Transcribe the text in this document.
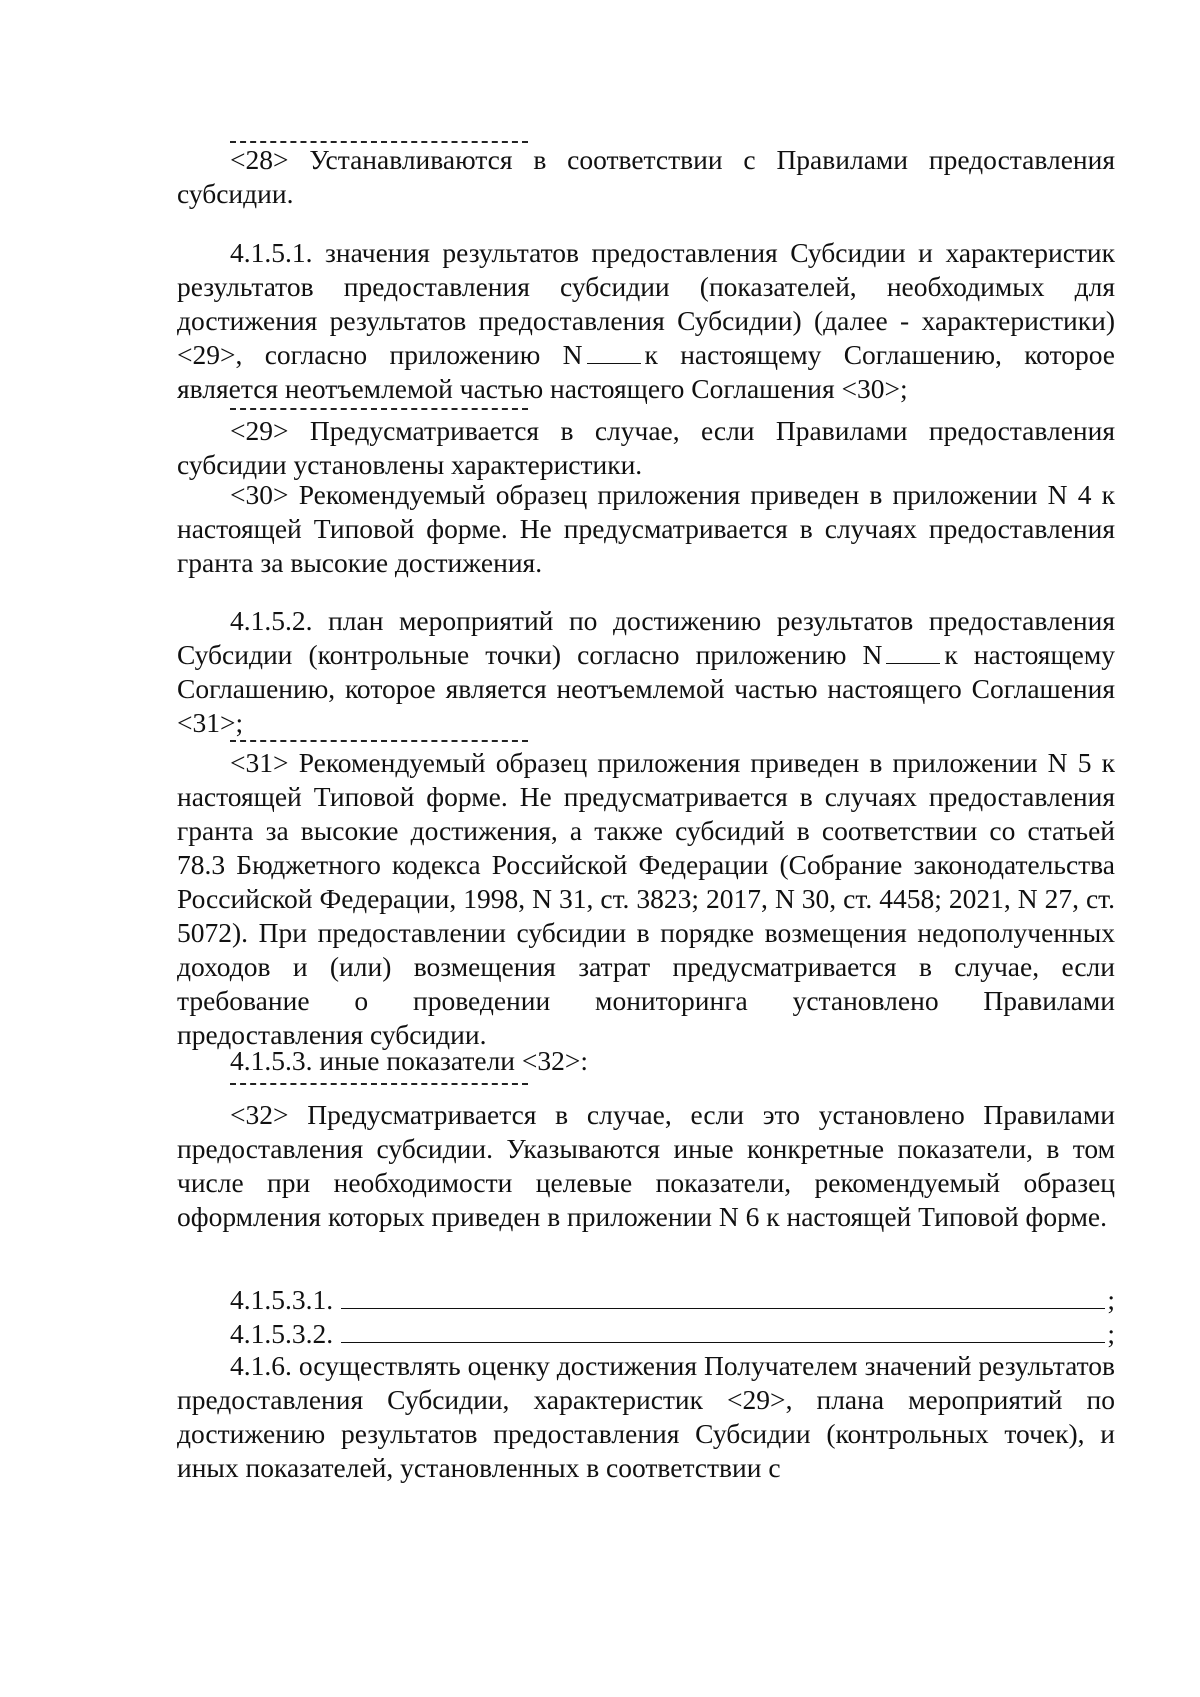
<28> Устанавливаются в соответствии с Правилами предоставления субсидии.

4.1.5.1. значения результатов предоставления Субсидии и характеристик результатов предоставления субсидии (показателей, необходимых для достижения результатов предоставления Субсидии) (далее - характеристики) <29>, согласно приложению N к настоящему Соглашению, которое является неотъемлемой частью настоящего Соглашения <30>;

<29> Предусматривается в случае, если Правилами предоставления субсидии установлены характеристики.

<30> Рекомендуемый образец приложения приведен в приложении N 4 к настоящей Типовой форме. Не предусматривается в случаях предоставления гранта за высокие достижения.

4.1.5.2. план мероприятий по достижению результатов предоставления Субсидии (контрольные точки) согласно приложению N к настоящему Соглашению, которое является неотъемлемой частью настоящего Соглашения <31>;

<31> Рекомендуемый образец приложения приведен в приложении N 5 к настоящей Типовой форме. Не предусматривается в случаях предоставления гранта за высокие достижения, а также субсидий в соответствии со статьей 78.3 Бюджетного кодекса Российской Федерации (Собрание законодательства Российской Федерации, 1998, N 31, ст. 3823; 2017, N 30, ст. 4458; 2021, N 27, ст. 5072). При предоставлении субсидии в порядке возмещения недополученных доходов и (или) возмещения затрат предусматривается в случае, если требование о проведении мониторинга установлено Правилами предоставления субсидии.

4.1.5.3. иные показатели <32>:

<32> Предусматривается в случае, если это установлено Правилами предоставления субсидии. Указываются иные конкретные показатели, в том числе при необходимости целевые показатели, рекомендуемый образец оформления которых приведен в приложении N 6 к настоящей Типовой форме.

4.1.5.3.1.	;

4.1.5.3.2.	;

4.1.6. осуществлять оценку достижения Получателем значений результатов предоставления Субсидии, характеристик <29>, плана мероприятий по достижению результатов предоставления Субсидии (контрольных точек), и иных показателей, установленных в соответствии с
